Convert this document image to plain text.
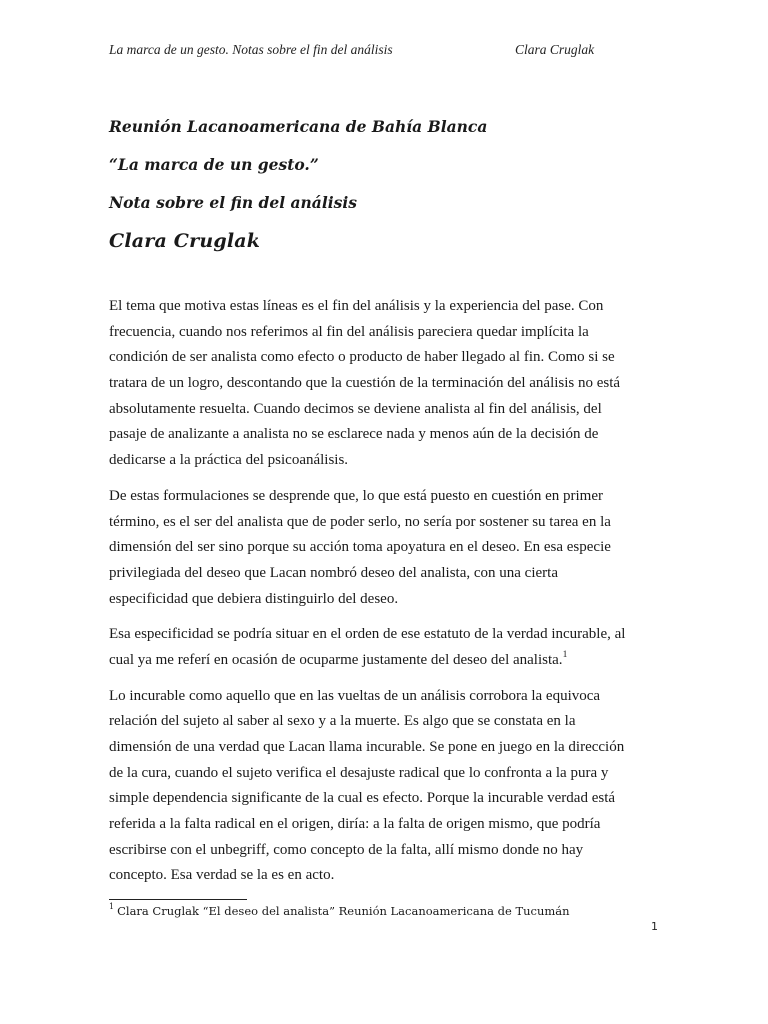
La marca de un gesto. Notas sobre el fin del análisis	Clara Cruglak
Reunión Lacanoamericana de Bahía Blanca
“La marca de un gesto.”
Nota sobre el fin del análisis
Clara Cruglak
El tema que motiva estas líneas es el fin del análisis y la experiencia del pase. Con
frecuencia, cuando nos referimos al fin del análisis pareciera quedar implícita la
condición de ser analista como efecto o producto de haber llegado al fin. Como si se
tratara de un logro, descontando que la cuestión de la terminación del análisis no está
absolutamente resuelta. Cuando decimos se deviene analista al fin del análisis, del
pasaje de analizante a analista no se esclarece nada y menos aún de la decisión de
dedicarse a la práctica del psicoanálisis.
De estas formulaciones se desprende que, lo que está puesto en cuestión en primer
término, es el ser del analista que de poder serlo, no sería por sostener su tarea en la
dimensión del ser sino porque su acción toma apoyatura en el deseo. En esa especie
privilegiada del deseo que Lacan nombró deseo del analista, con una cierta
especificidad que debiera distinguirlo del deseo.
Esa especificidad se podría situar en el orden de ese estatuto de la verdad incurable, al
cual ya me referí en ocasión de ocuparme justamente del deseo del analista.$^1$
Lo incurable como aquello que en las vueltas de un análisis corrobora la equivoca
relación del sujeto al saber al sexo y a la muerte. Es algo que se constata en la
dimensión de una verdad que Lacan llama incurable. Se pone en juego en la dirección
de la cura, cuando el sujeto verifica el desajuste radical que lo confronta a la pura y
simple dependencia significante de la cual es efecto. Porque la incurable verdad está
referida a la falta radical en el origen, diría: a la falta de origen mismo, que podría
escribirse con el unbegriff, como concepto de la falta, allí mismo donde no hay
concepto. Esa verdad se la es en acto.
$^1$ Clara Cruglak “El deseo del analista” Reunión Lacanoamericana de Tucumán
1
